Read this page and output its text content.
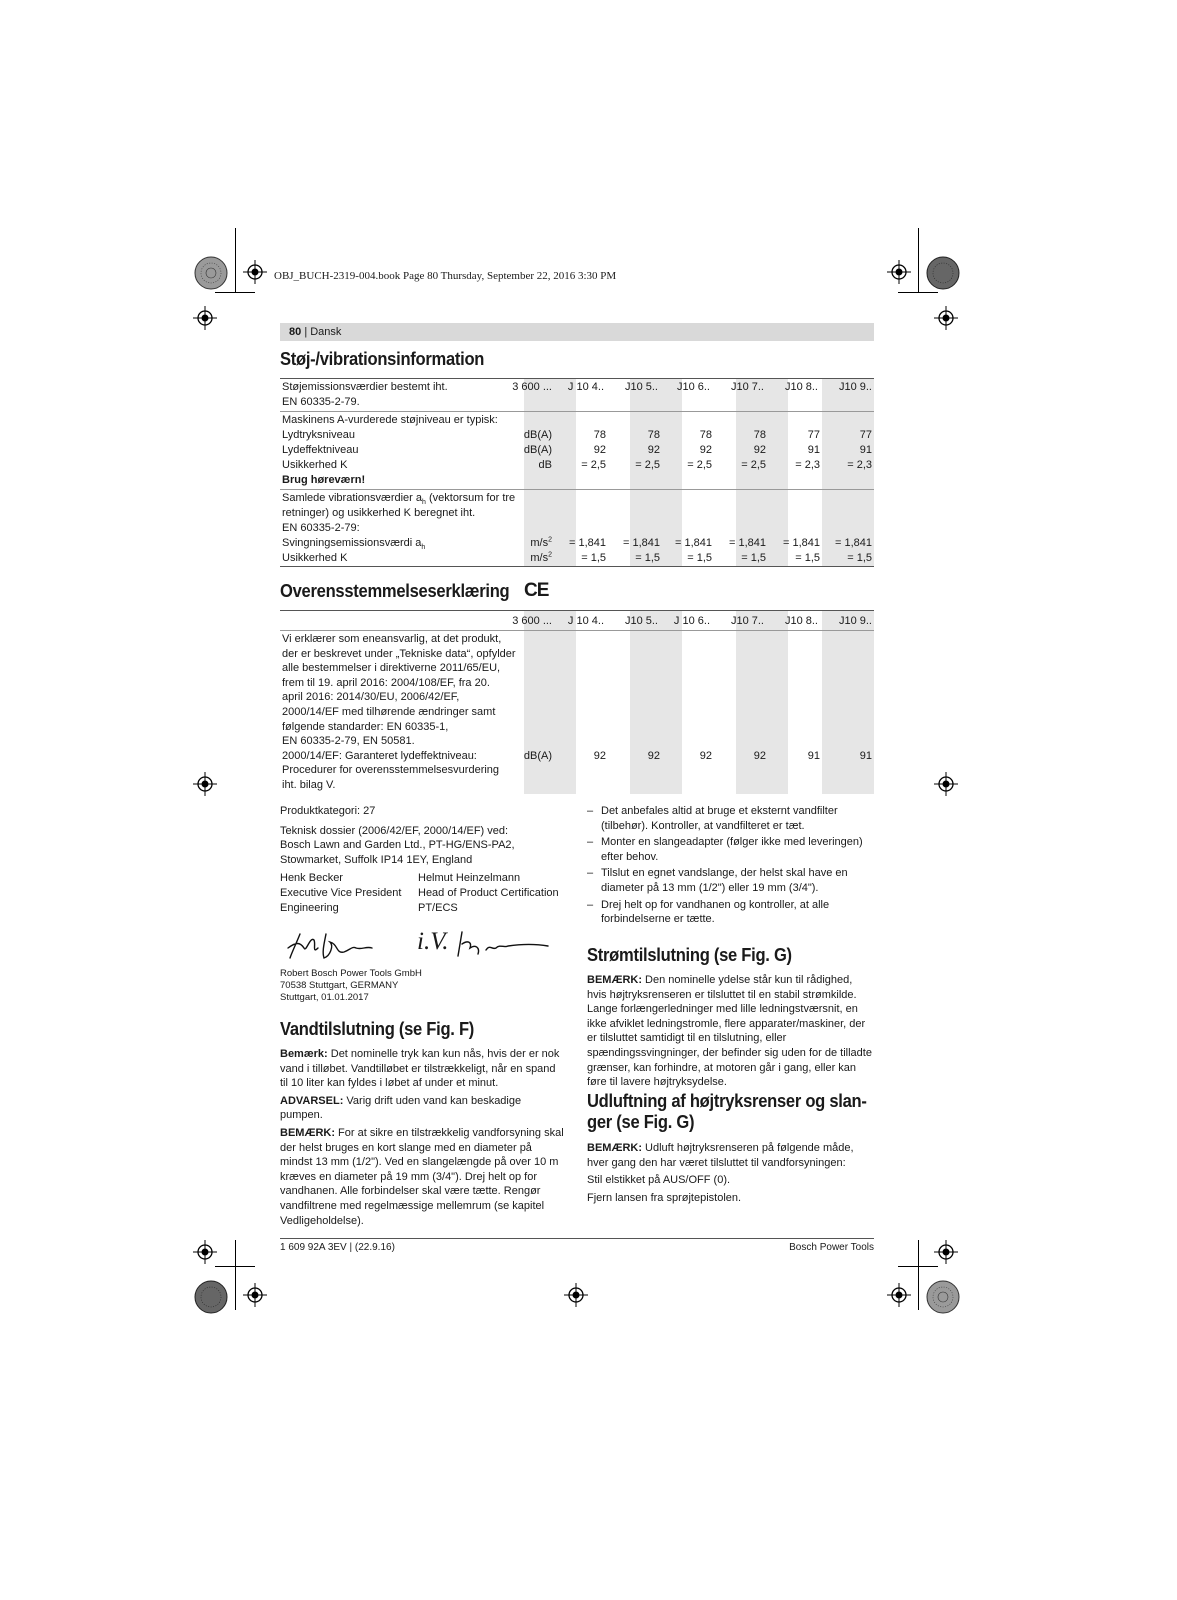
OBJ_BUCH-2319-004.book Page 80 Thursday, September 22, 2016 3:30 PM
80 | Dansk
Støj-/vibrationsinformation
Støjemissionsværdier bestemt iht.
EN 60335-2-79.
3 600 ...	J 10 4..	J10 5..	J10 6..	J10 7..	J10 8..	J10 9..
Maskinens A-vurderede støjniveau er typisk:
Lydtryksniveau	dB(A)	78	78	78	78	77	77
Lydeffektniveau	dB(A)	92	92	92	92	91	91
Usikkerhed K	dB	= 2,5	= 2,5	= 2,5	= 2,5	= 2,3	= 2,3
Brug høreværn!
Samlede vibrationsværdier $a_h$ (vektorsum for tre
retninger) og usikkerhed K beregnet iht.
EN 60335-2-79:
Svingningsemissionsværdi $a_h$	$m/s^2$	= 1,841	= 1,841	= 1,841	= 1,841	= 1,841	= 1,841
Usikkerhed K	$m/s^2$	= 1,5	= 1,5	= 1,5	= 1,5	= 1,5	= 1,5
Overensstemmelseserklæring CE
3 600 ...	J 10 4..	J10 5..	J 10 6..	J10 7..	J10 8..	J10 9..
Vi erklærer som eneansvarlig, at det produkt,
der er beskrevet under „Tekniske data“, opfylder
alle bestemmelser i direktiverne 2011/65/EU,
frem til 19. april 2016: 2004/108/EF, fra 20.
april 2016: 2014/30/EU, 2006/42/EF,
2000/14/EF med tilhørende ændringer samt
følgende standarder: EN 60335-1,
EN 60335-2-79, EN 50581.
2000/14/EF: Garanteret lydeffektniveau:
Procedurer for overensstemmelsesvurdering
iht. bilag V.
dB(A)	92	92	92	92	91	91

Produktkategori: 27

Teknisk dossier (2006/42/EF, 2000/14/EF) ved:
Bosch Lawn and Garden Ltd., PT-HG/ENS-PA2,
Stowmarket, Suffolk IP14 1EY, England
Henk Becker
Executive Vice President
Engineering
Helmut Heinzelmann
Head of Product Certification
PT/ECS
i.V.
Robert Bosch Power Tools GmbH
70538 Stuttgart, GERMANY
Stuttgart, 01.01.2017
Vandtilslutning (se Fig. F)

Bemærk: Det nominelle tryk kan kun nås, hvis der er nok vand i tilløbet. Vandtilløbet er tilstrækkeligt, når en spand til 10 liter kan fyldes i løbet af under et minut.

ADVARSEL: Varig drift uden vand kan beskadige pumpen.

BEMÆRK: For at sikre en tilstrækkelig vandforsyning skal der helst bruges en kort slange med en diameter på mindst 13 mm (1/2"). Ved en slangelængde på over 10 m kræves en diameter på 19 mm (3/4"). Drej helt op for vandhanen. Alle forbindelser skal være tætte. Rengør vandfiltrene med regelmæssige mellemrum (se kapitel Vedligeholdelse).

– Det anbefales altid at bruge et eksternt vandfilter (tilbehør). Kontroller, at vandfilteret er tæt.
– Monter en slangeadapter (følger ikke med leveringen) efter behov.
– Tilslut en egnet vandslange, der helst skal have en diameter på 13 mm (1/2") eller 19 mm (3/4").
– Drej helt op for vandhanen og kontroller, at alle forbindelserne er tætte.
Strømtilslutning (se Fig. G)

BEMÆRK: Den nominelle ydelse står kun til rådighed, hvis højtryksrenseren er tilsluttet til en stabil strømkilde. Lange forlængerledninger med lille ledningstværsnit, en ikke afviklet ledningstromle, flere apparater/maskiner, der er tilsluttet samtidigt til en tilslutning, eller spændingssvingninger, der befinder sig uden for de tilladte grænser, kan forhindre, at motoren går i gang, eller kan føre til lavere højtryksydelse.

Udluftning af højtryksrenser og slan-
ger (se Fig. G)

BEMÆRK: Udluft højtryksrenseren på følgende måde, hver gang den har været tilsluttet til vandforsyningen:

Stil elstikket på AUS/OFF (0).

Fjern lansen fra sprøjtepistolen.

1 609 92A 3EV | (22.9.16)	Bosch Power Tools
